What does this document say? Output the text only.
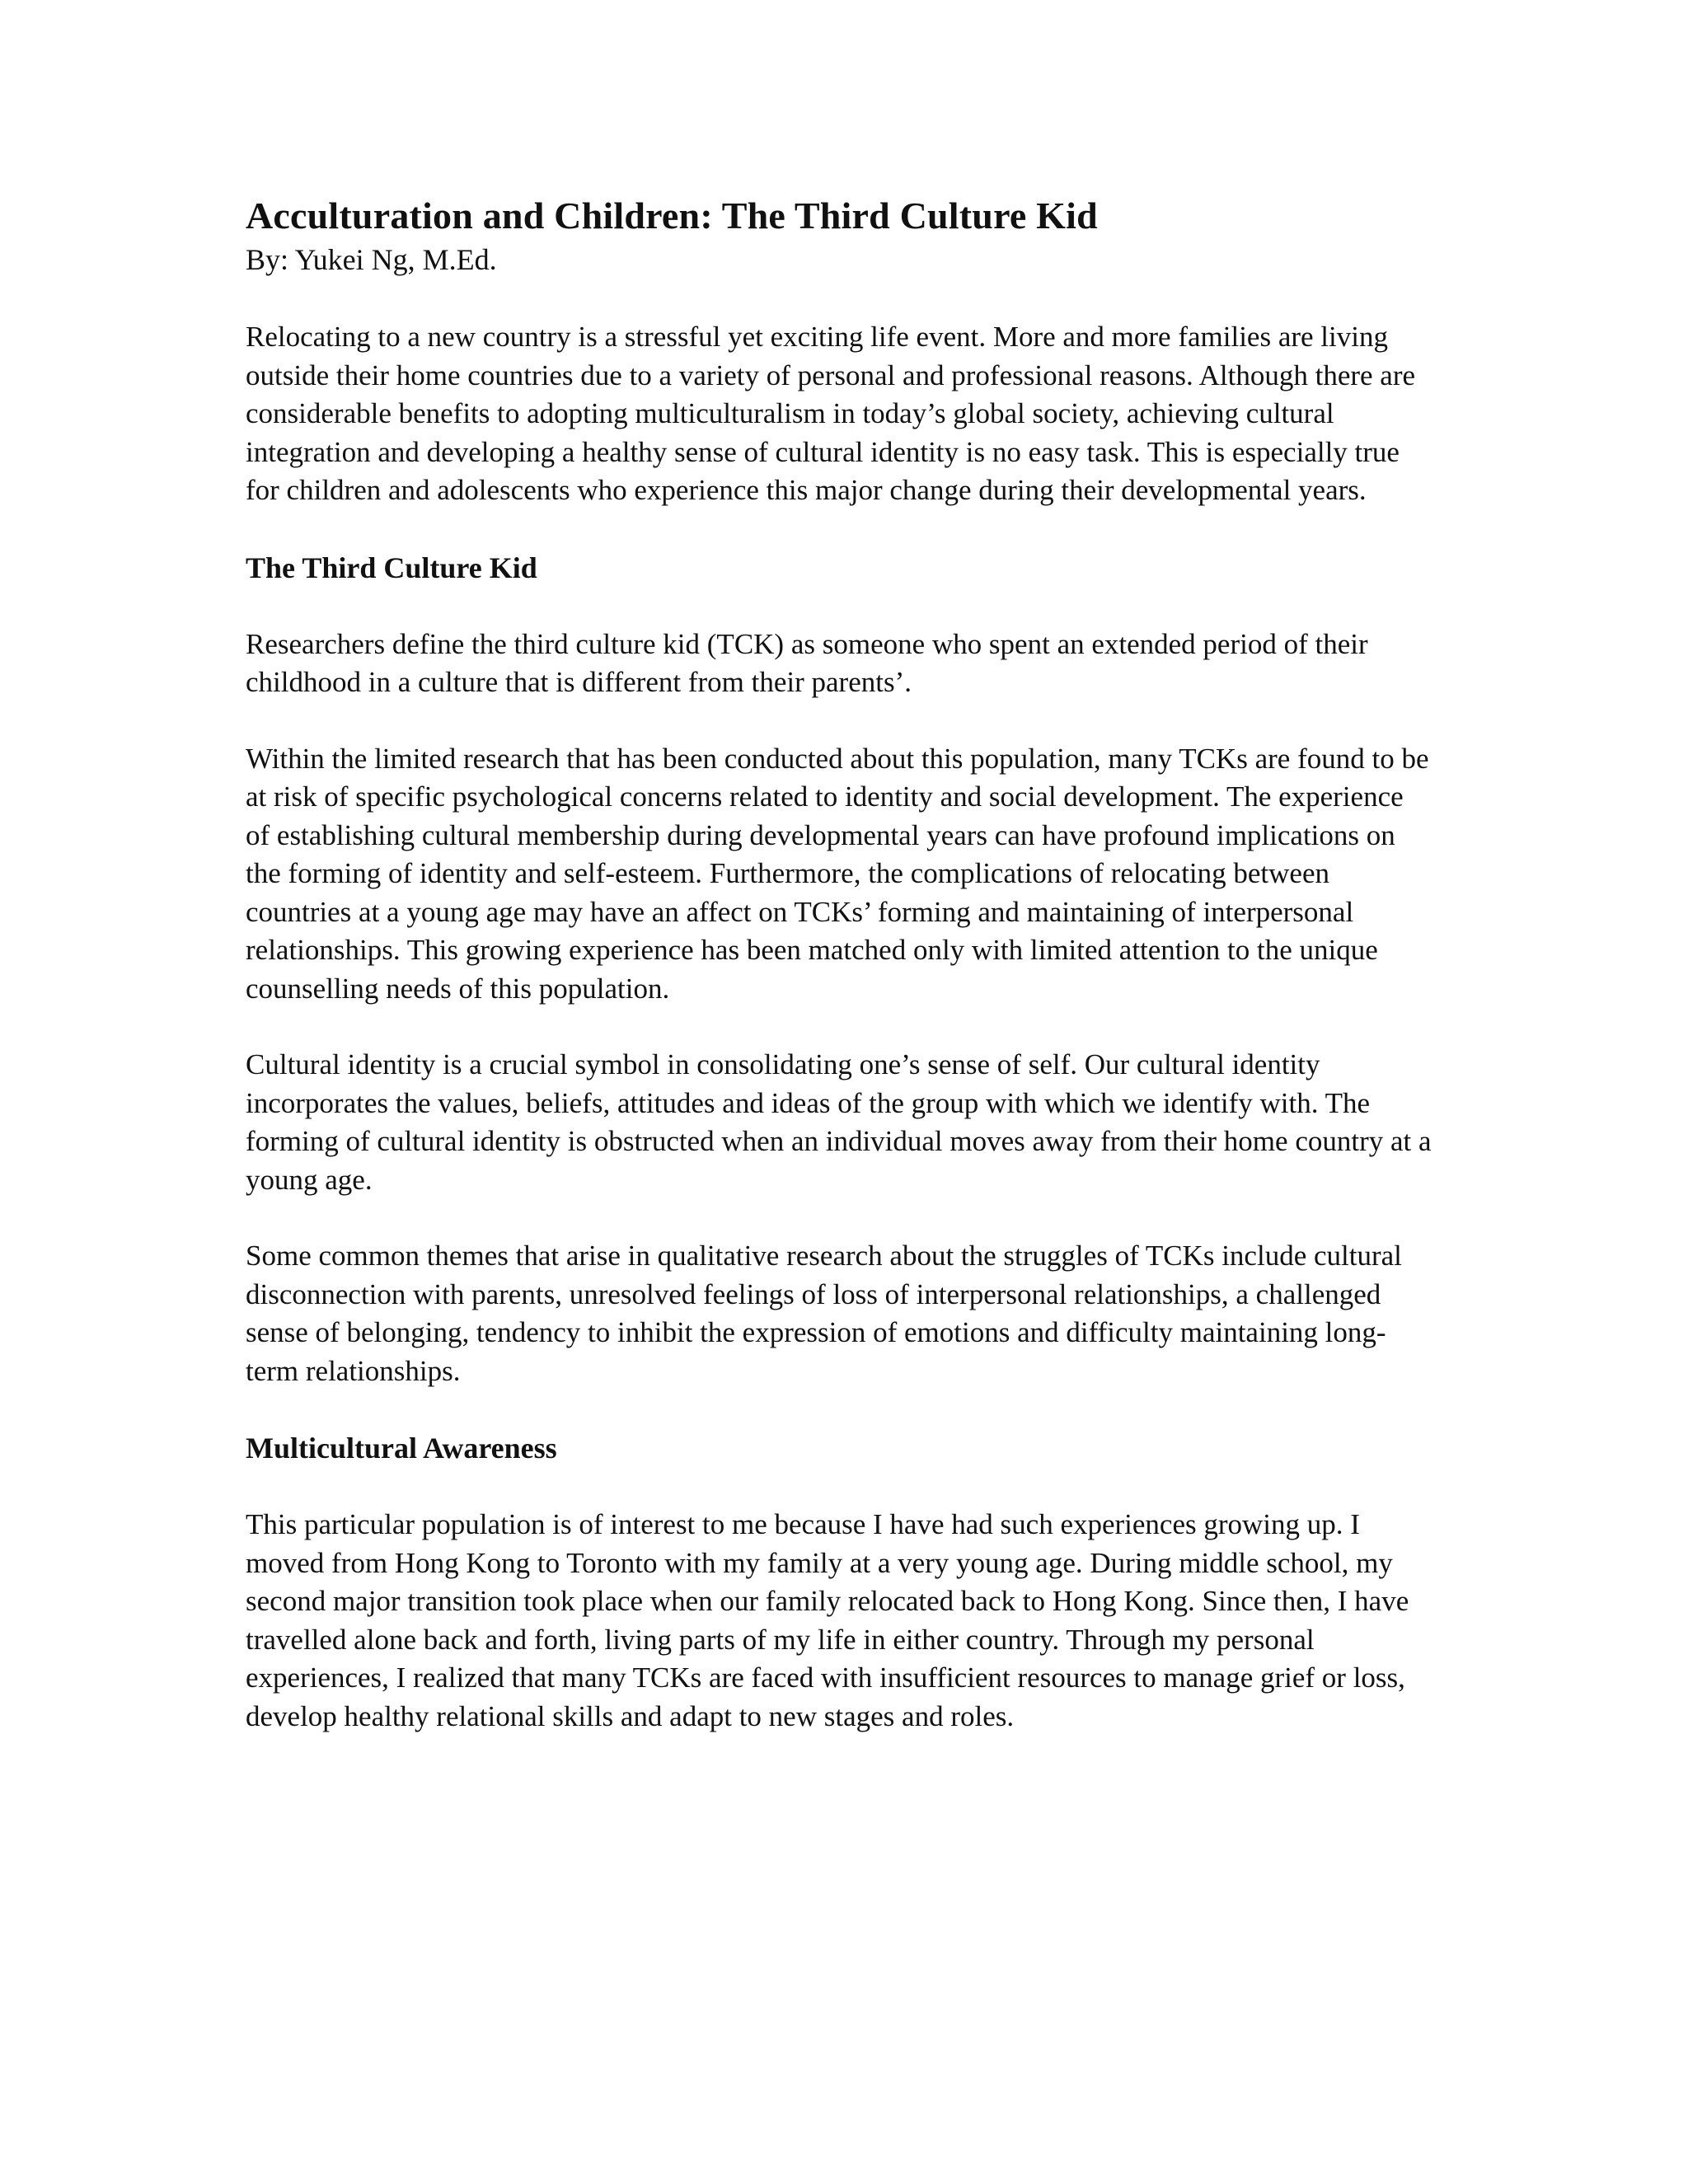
Acculturation and Children: The Third Culture Kid

By: Yukei Ng, M.Ed.

Relocating to a new country is a stressful yet exciting life event. More and more families are living outside their home countries due to a variety of personal and professional reasons. Although there are considerable benefits to adopting multiculturalism in today’s global society, achieving cultural integration and developing a healthy sense of cultural identity is no easy task. This is especially true for children and adolescents who experience this major change during their developmental years.

The Third Culture Kid

Researchers define the third culture kid (TCK) as someone who spent an extended period of their childhood in a culture that is different from their parents’.

Within the limited research that has been conducted about this population, many TCKs are found to be at risk of specific psychological concerns related to identity and social development. The experience of establishing cultural membership during developmental years can have profound implications on the forming of identity and self-esteem. Furthermore, the complications of relocating between countries at a young age may have an affect on TCKs’ forming and maintaining of interpersonal relationships. This growing experience has been matched only with limited attention to the unique counselling needs of this population.

Cultural identity is a crucial symbol in consolidating one’s sense of self. Our cultural identity incorporates the values, beliefs, attitudes and ideas of the group with which we identify with. The forming of cultural identity is obstructed when an individual moves away from their home country at a young age.

Some common themes that arise in qualitative research about the struggles of TCKs include cultural disconnection with parents, unresolved feelings of loss of interpersonal relationships, a challenged sense of belonging, tendency to inhibit the expression of emotions and difficulty maintaining long-term relationships.

Multicultural Awareness

This particular population is of interest to me because I have had such experiences growing up. I moved from Hong Kong to Toronto with my family at a very young age. During middle school, my second major transition took place when our family relocated back to Hong Kong. Since then, I have travelled alone back and forth, living parts of my life in either country. Through my personal experiences, I realized that many TCKs are faced with insufficient resources to manage grief or loss, develop healthy relational skills and adapt to new stages and roles.
